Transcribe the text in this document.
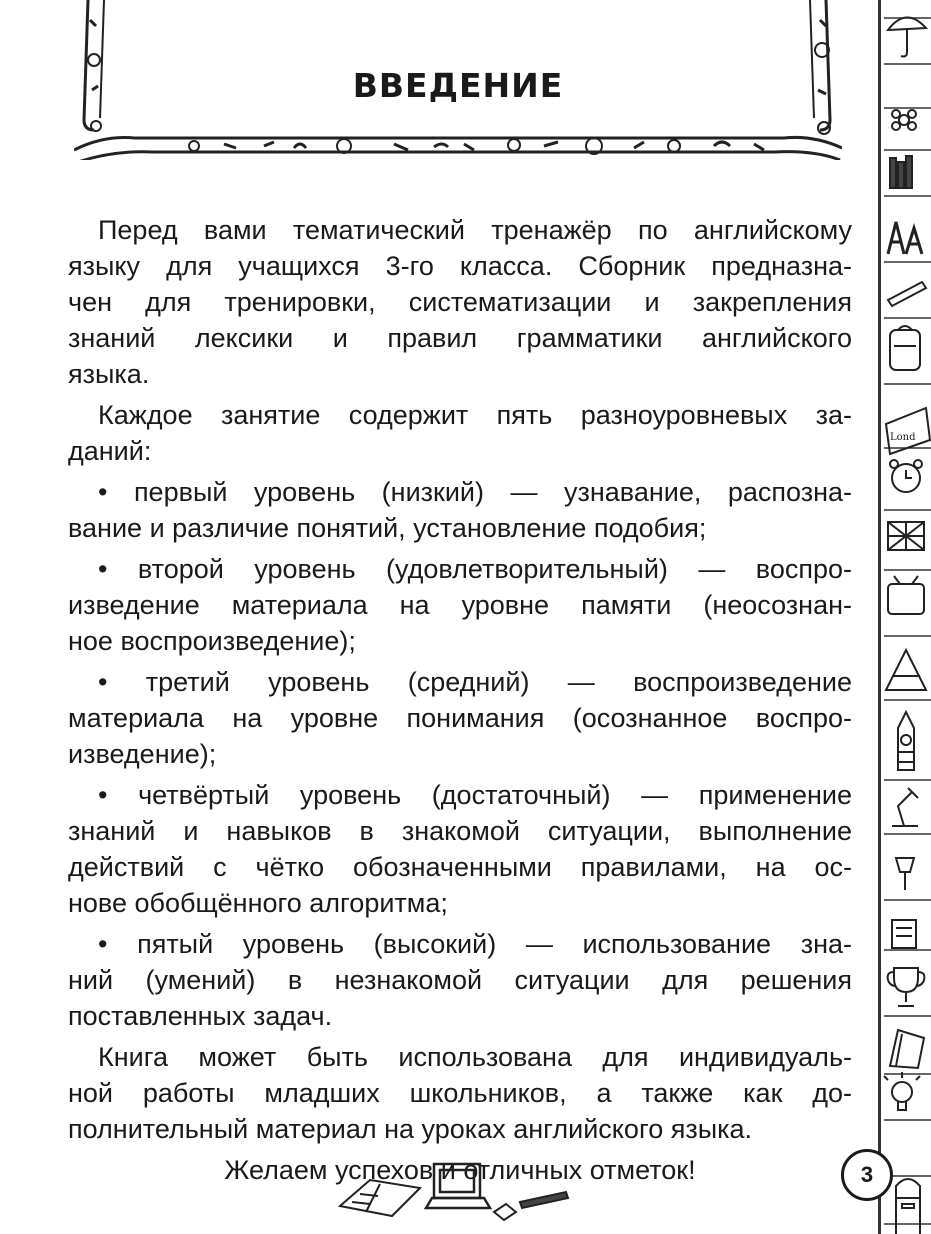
ВВЕДЕНИЕ
Перед вами тематический тренажёр по английскому
языку для учащихся 3-го класса. Сборник предназна-
чен для тренировки, систематизации и закрепления
знаний лексики и правил грамматики английского
языка.
Каждое занятие содержит пять разноуровневых за-
даний:
• первый уровень (низкий) — узнавание, распозна-
вание и различие понятий, установление подобия;
• второй уровень (удовлетворительный) — воспро-
изведение материала на уровне памяти (неосознан-
ное воспроизведение);
• третий уровень (средний) — воспроизведение
материала на уровне понимания (осознанное воспро-
изведение);
• четвёртый уровень (достаточный) — применение
знаний и навыков в знакомой ситуации, выполнение
действий с чётко обозначенными правилами, на ос-
нове обобщённого алгоритма;
• пятый уровень (высокий) — использование зна-
ний (умений) в незнакомой ситуации для решения
поставленных задач.
Книга может быть использована для индивидуаль-
ной работы младших школьников, а также как до-
полнительный материал на уроках английского языка.
Желаем успехов и отличных отметок!
Lond
3
